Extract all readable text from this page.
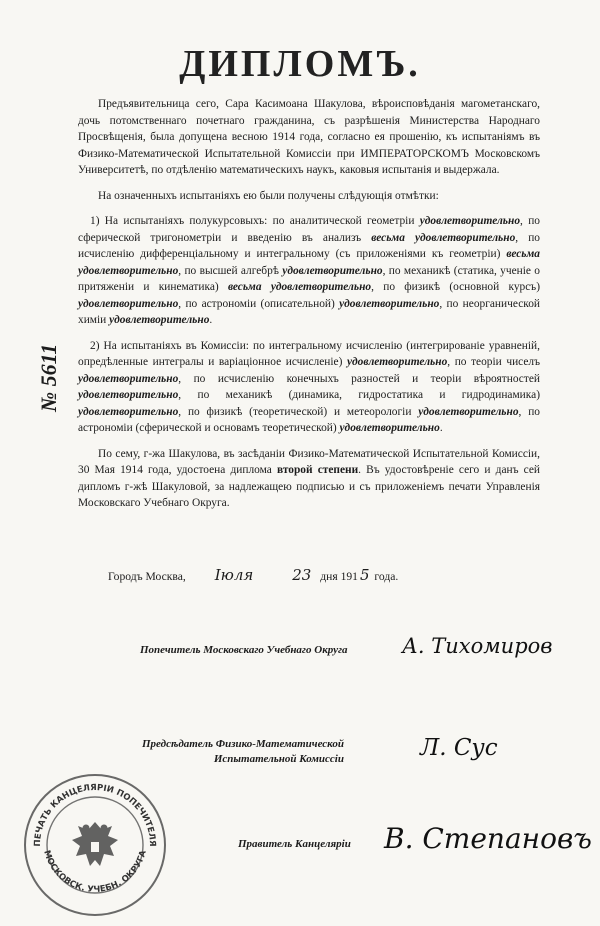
ДИПЛОМЪ.
№ 5611

Предъявительница сего, Сара Касимоана Шакулова, вѣроисповѣданія магометанскаго, дочь потомственнаго почетнаго гражданина, съ разрѣшенія Министерства Народнаго Просвѣщенія, была допущена весною 1914 года, согласно ея прошенію, къ испытаніямъ въ Физико-Математической Испытательной Комиссіи при ИМПЕРАТОРСКОМЪ Московскомъ Университетѣ, по отдѣленію математическихъ наукъ, каковыя испытанія и выдержала.

На означенныхъ испытаніяхъ ею были получены слѣдующія отмѣтки:

1) На испытаніяхъ полукурсовыхъ: по аналитической геометріи удовлетворительно, по сферической тригонометріи и введенію въ анализъ весьма удовлетворительно, по исчисленію дифференціальному и интегральному (съ приложеніями къ геометріи) весьма удовлетворительно, по высшей алгебрѣ удовлетворительно, по механикѣ (статика, ученіе о притяженіи и кинематика) весьма удовлетворительно, по физикѣ (основной курсъ) удовлетворительно, по астрономіи (описательной) удовлетворительно, по неорганической химіи удовлетворительно.

2) На испытаніяхъ въ Комиссіи: по интегральному исчисленію (интегрированіе уравненій, опредѣленные интегралы и варіаціонное исчисленіе) удовлетворительно, по теоріи чиселъ удовлетворительно, по исчисленію конечныхъ разностей и теоріи вѣроятностей удовлетворительно, по механикѣ (динамика, гидростатика и гидродинамика) удовлетворительно, по физикѣ (теоретической) и метеорологіи удовлетворительно, по астрономіи (сферической и основамъ теоретической) удовлетворительно.

По сему, г-жа Шакулова, въ засѣданіи Физико-Математической Испытательной Комиссіи, 30 Мая 1914 года, удостоена диплома второй степени. Въ удостовѣреніе сего и данъ сей дипломъ г-жѣ Шакуловой, за надлежащею подписью и съ приложеніемъ печати Управленія Московскаго Учебнаго Округа.

Городъ Москва, Іюля	23 дня 191 5 года.
Попечитель Московскаго Учебнаго Округа	А. Тихомиров
Предсѣдатель Физико-Математической
Испытательной Комиссіи	Л. Сус
Правитель Канцеляріи В. Степановъ
ПЕЧАТЬ КАНЦЕЛЯРІИ ПОПЕЧИТЕЛЯ
МОСКОВСК. УЧЕБН. ОКРУГА
